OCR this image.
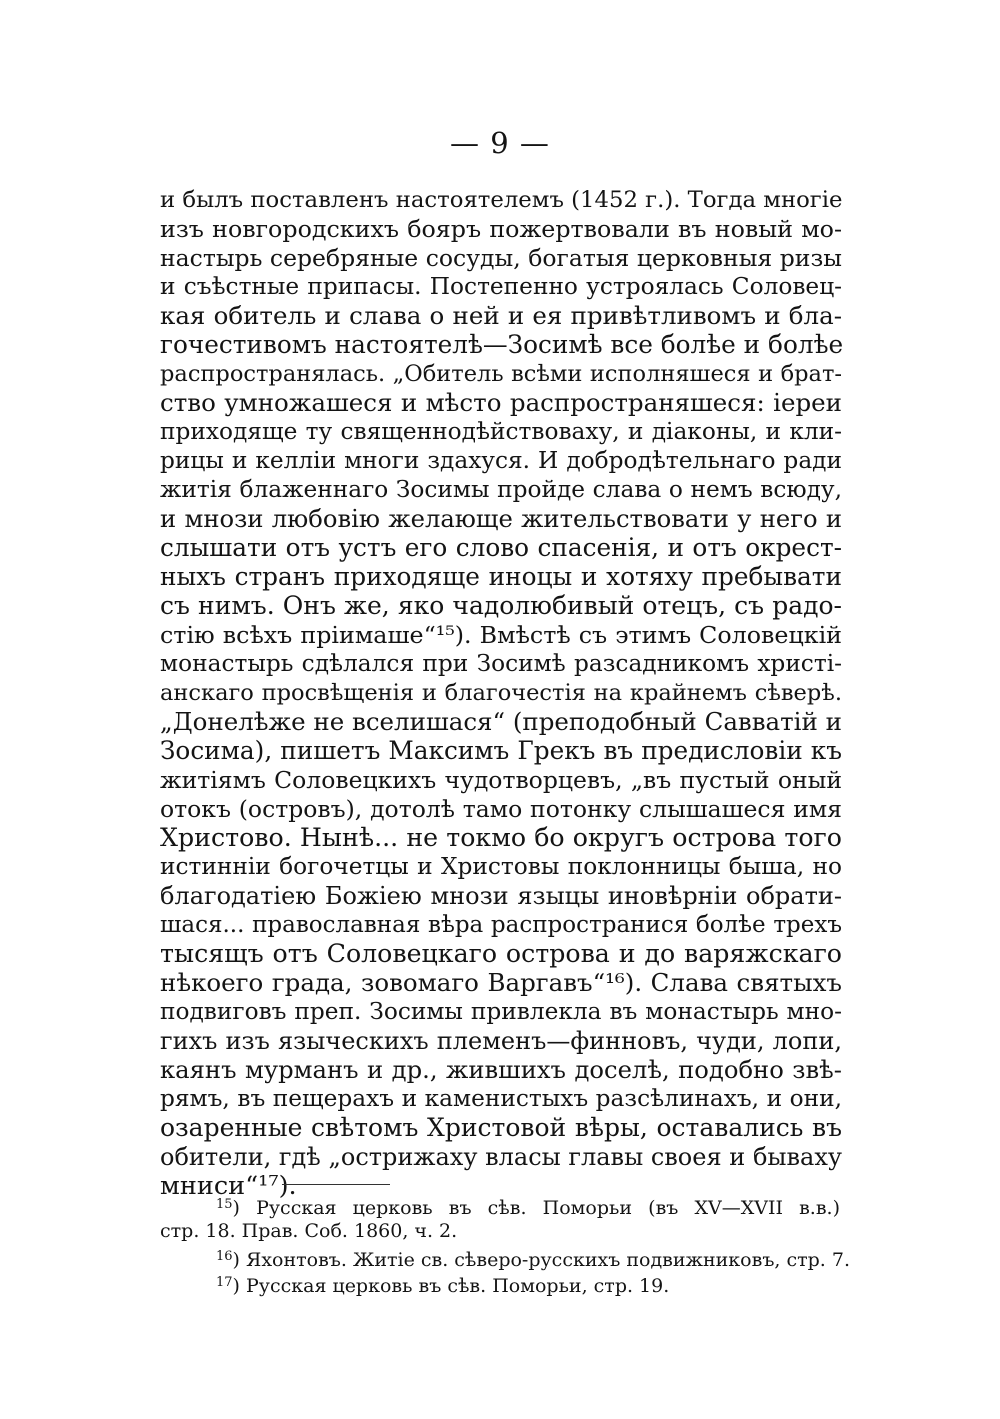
— 9 —
и былъ поставленъ настоятелемъ (1452 г.). Тогда многіе
изъ новгородскихъ бояръ пожертвовали въ новый мо-
настырь серебряные сосуды, богатыя церковныя ризы
и съѣстные припасы. Постепенно устроялась Соловец-
кая обитель и слава о ней и ея привѣтливомъ и бла-
гочестивомъ настоятелѣ—Зосимѣ все болѣе и болѣе
распространялась. „Обитель всѣми исполняшеся и брат-
ство умножашеся и мѣсто распространяшеся: іереи
приходяще ту священнодѣйствоваху, и діаконы, и кли-
рицы и келліи многи здахуся. И добродѣтельнаго ради
житія блаженнаго Зосимы пройде слава о немъ всюду,
и мнози любовію желающе жительствовати у него и
слышати отъ устъ его слово спасенія, и отъ окрест-
ныхъ странъ приходяще иноцы и хотяху пребывати
съ нимъ. Онъ же, яко чадолюбивый отецъ, съ радо-
стію всѣхъ пріимаше“¹⁵). Вмѣстѣ съ этимъ Соловецкій
монастырь сдѣлался при Зосимѣ разсадникомъ христі-
анскаго просвѣщенія и благочестія на крайнемъ сѣверѣ.
„Донелѣже не вселишася“ (преподобный Савватій и
Зосима), пишетъ Максимъ Грекъ въ предисловіи къ
житіямъ Соловецкихъ чудотворцевъ, „въ пустый оный
отокъ (островъ), дотолѣ тамо потонку слышашеся имя
Христово. Нынѣ... не токмо бо округъ острова того
истинніи богочетцы и Христовы поклонницы быша, но
благодатіею Божіею мнози языцы иновѣрніи обрати-
шася... православная вѣра распространися болѣе трехъ
тысящъ отъ Соловецкаго острова и до варяжскаго
нѣкоего града, зовомаго Варгавъ“¹⁶). Слава святыхъ
подвиговъ преп. Зосимы привлекла въ монастырь мно-
гихъ изъ языческихъ племенъ—финновъ, чуди, лопи,
каянъ мурманъ и др., жившихъ доселѣ, подобно звѣ-
рямъ, въ пещерахъ и каменистыхъ разсѣлинахъ, и они,
озаренные свѣтомъ Христовой вѣры, оставались въ
обители, гдѣ „острижаху власы главы своея и бываху
мниси“¹⁷).
$^{15}$) Русская церковь въ сѣв. Поморьи (въ XV—XVII в.в.)
стр. 18. Прав. Соб. 1860, ч. 2.
$^{16}$) Яхонтовъ. Житіе св. сѣверо-русскихъ подвижниковъ, стр. 7.
$^{17}$) Русская церковь въ сѣв. Поморьи, стр. 19.
